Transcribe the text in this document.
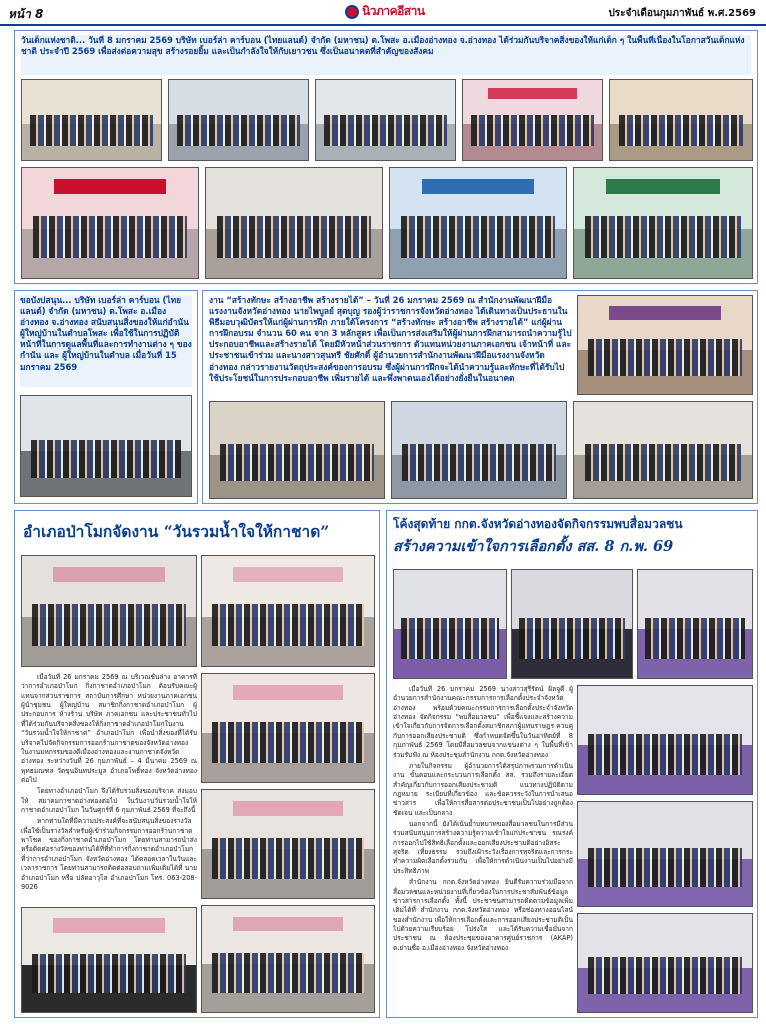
หน้า 8	นิวภาคอีสาน	ประจำเดือนกุมภาพันธ์ พ.ศ.2569
วันเด็กแห่งชาติ... วันที่ 8 มกราคม 2569 บริษัท เบอร์ล่า คาร์บอน (ไทยแลนด์) จำกัด (มหาชน) ต.โพสะ อ.เมืองอ่างทอง จ.อ่างทอง ได้ร่วมกันบริจาคสิ่งของให้แก่เด็ก ๆ ในพื้นที่เนื่องในโอกาสวันเด็กแห่งชาติ ประจำปี 2569 เพื่อส่งต่อความสุข สร้างรอยยิ้ม และเป็นกำลังใจให้กับเยาวชน ซึ่งเป็นอนาคตที่สำคัญของสังคม
ขอบังบ่สนุน... บริษัท เบอร์ล่า คาร์บอน (ไทยแลนด์) จำกัด (มหาชน) ต.โพสะ อ.เมืองอ่างทอง จ.อ่างทอง สนับสนุนสิ่งของให้แก่อำนันผู้ใหญ่บ้านในตำบลโพสะ เพื่อใช้ในการปฏิบัติหน้าที่ในการดูแลพื้นที่และการทำงานต่าง ๆ ของกำนัน และ ผู้ใหญ่บ้านในตำบล เมื่อวันที่ 15 มกราคม 2569
งาน “สร้างทักษะ สร้างอาชีพ สร้างรายได้” – วันที่ 26 มกราคม 2569 ณ สำนักงานพัฒนาฝีมือแรงงานจังหวัดอ่างทอง นายไพบูลย์ สุตบุญ รองผู้ว่าราชการจังหวัดอ่างทอง ได้เดินทางเป็นประธานในพิธีมอบวุฒิบัตรให้แก่ผู้ผ่านการฝึก ภายใต้โครงการ “สร้างทักษะ สร้างอาชีพ สร้างรายได้” แก่ผู้ผ่านการฝึกอบรม จำนวน 60 คน จาก 3 หลักสูตร เพื่อเป็นการส่งเสริมให้ผู้ผ่านการฝึกสามารถนำความรู้ไปประกอบอาชีพและสร้างรายได้ โดยมีหัวหน้าส่วนราชการ ตัวแทนหน่วยงานภาคเอกชน เจ้าหน้าที่ และประชาชนเข้าร่วม และนางสาวสุนทรี ชัยศักดิ์ ผู้อำนวยการสำนักงานพัฒนาฝีมือแรงงานจังหวัดอ่างทอง กล่าวรายงานวัตถุประสงค์ของการอบรม ซึ่งผู้ผ่านการฝึกจะได้นำความรู้และทักษะที่ได้รับไปใช้ประโยชน์ในการประกอบอาชีพ เพิ่มรายได้ และพึ่งพาตนเองได้อย่างยั่งยืนในอนาคต
อำเภอป่าโมกจัดงาน “วันรวมน้ำใจให้กาชาด”

เมื่อวันที่ 26 มกราคม 2569 ณ บริเวณชั้นล่าง อาคารที่ว่าการอำเภอป่าโมก กิ่งกาชาดอำเภอป่าโมก ต้อนรับคณะผู้แทนจากส่วนราชการ สถาบันการศึกษา หน่วยงานภาคเอกชน ผู้นำชุมชน ผู้ใหญ่บ้าน สมาชิกกิ่งกาชาดอำเภอป่าโมก ผู้ประกอบการ ห้างร้าน บริษัท ภาคเอกชน และประชาชนทั่วไป ที่ได้ร่วมกันบริจาคสิ่งของให้กิ่งกาชาดอำเภอป่าโมกในงาน “วันรวมน้ำใจให้กาชาด” อำเภอป่าโมก เพื่อนำสิ่งของที่ได้รับบริจาคไปจัดกิจกรรมการออกร้านกาชาดของจังหวัดอ่างทอง ในงานมหกรรมของดีเมืองอ่างทองและงานกาชาดจังหวัดอ่างทอง ระหว่างวันที่ 26 กุมภาพันธ์ – 4 มีนาคม 2569 ณ พุทธมณฑล วัดขุนอินทประมูล อำเภอโพธิ์ทอง จังหวัดอ่างทองต่อไป

โดยทางอำเภอป่าโมก จึงได้รับรวมสิ่งของบริจาค ส่งมอบให้ สมาคมกาชาดอ่างทองต่อไป ในวันงานวันรวมน้ำใจให้กาชาดอำเภอป่าโมก ในวันศุกร์ที่ 6 กุมภาพันธ์ 2569 ที่จะถึงนี้

หากท่านใดที่มีความประสงค์ที่จะสนับสนุนสิ่งของรางวัล เพื่อใช้เป็นรางวัลสำหรับผู้เข้าร่วมกิจกรรมการออกร้านกาชาดพาโชค ของกิ่งกาชาดอำเภอป่าโมก โดยท่านสามารถนำส่งหรือติดต่อรางวัลของท่านได้ที่ที่ทำการกิ่งกาชาดอำเภอป่าโมก ที่ว่าการอำเภอป่าโมก จังหวัดอ่างทอง ได้ตลอดเวลาในวันและเวลาราชการ โดยท่านสามารถติดต่อสอบถามเพิ่มเติมได้ที่ นายอำเภอป่าโมก หรือ ปลัดอาวุโส อำเภอป่าโมก โทร. 063-208-9026

โค้งสุดท้าย กกต.จังหวัดอ่างทองจัดกิจกรรมพบสื่อมวลชน
สร้างความเข้าใจการเลือกตั้ง สส. 8 ก.พ. 69

เมื่อวันที่ 26 มกราคม 2569 นางสาวสุรีรัตน์ ผิลจูดี ผู้อำนวยการสำนักงานคณะกรรมการการเลือกตั้งประจำจังหวัดอ่างทอง พร้อมด้วยคณะกรรมการการเลือกตั้งประจำจังหวัดอ่างทอง จัดกิจกรรม “พบสื่อมวลชน” เพื่อชี้แจงและสร้างความเข้าใจเกี่ยวกับการจัดการเลือกตั้งสมาชิกสภาผู้แทนราษฎร ควบคู่กับการออกเสียงประชามติ ซึ่งกำหนดจัดขึ้นในวันอาทิตย์ที่ 8 กุมภาพันธ์ 2569 โดยมีสื่อมวลชนจากแขนงต่าง ๆ ในพื้นที่เข้าร่วมรับฟัง ณ ห้องประชุมสำนักงาน กกต.จังหวัดอ่างทอง

ภายในกิจกรรม ผู้อำนวยการได้สรุปภาพรวมการดำเนินงาน ขั้นตอนและกระบวนการเลือกตั้ง สส. รวมถึงรายละเอียดสำคัญเกี่ยวกับการออกเสียงประชามติ แนวทางปฏิบัติตามกฎหมาย ระเบียบที่เกี่ยวข้อง และข้อควรระวังในการนำเสนอข่าวสาร เพื่อให้การสื่อสารต่อประชาชนเป็นไปอย่างถูกต้อง ชัดเจน และเป็นกลาง

นอกจากนี้ ยังได้เน้นย้ำบทบาทของสื่อมวลชนในการมีส่วนร่วมสนับสนุนการสร้างความรู้ความเข้าใจแก่ประชาชน รณรงค์การออกไปใช้สิทธิเลือกตั้งและออกเสียงประชามติอย่างอิสระ สุจริต เที่ยงธรรม รวมถึงเฝ้าระวังเรื่องการทุจริตและการกระทำความผิดเลือกตั้งร่วมกัน เพื่อให้การดำเนินงานเป็นไปอย่างมีประสิทธิภาพ

สำนักงาน กกต.จังหวัดอ่างทอง ยินดีรับความร่วมมือจากสื่อมวลชนและหน่วยงานที่เกี่ยวข้องในการประชาสัมพันธ์ข้อมูลข่าวสารการเลือกตั้ง ทั้งนี้ ประชาชนสามารถติดตามข้อมูลเพิ่มเติมได้ที่ สำนักงาน กกต.จังหวัดอ่างทอง หรือช่องทางออนไลน์ของสำนักงาน เพื่อให้การเลือกตั้งและการออกเสียงประชามติเป็นไปด้วยความเรียบร้อย โปร่งใส และได้รับความเชื่อมั่นจากประชาชน ณ ห้องประชุมของอาคารศูนย์ราชการ (AKAP) ต.ย่านซื่อ อ.เมืองอ่างทอง จังหวัดอ่างทอง
